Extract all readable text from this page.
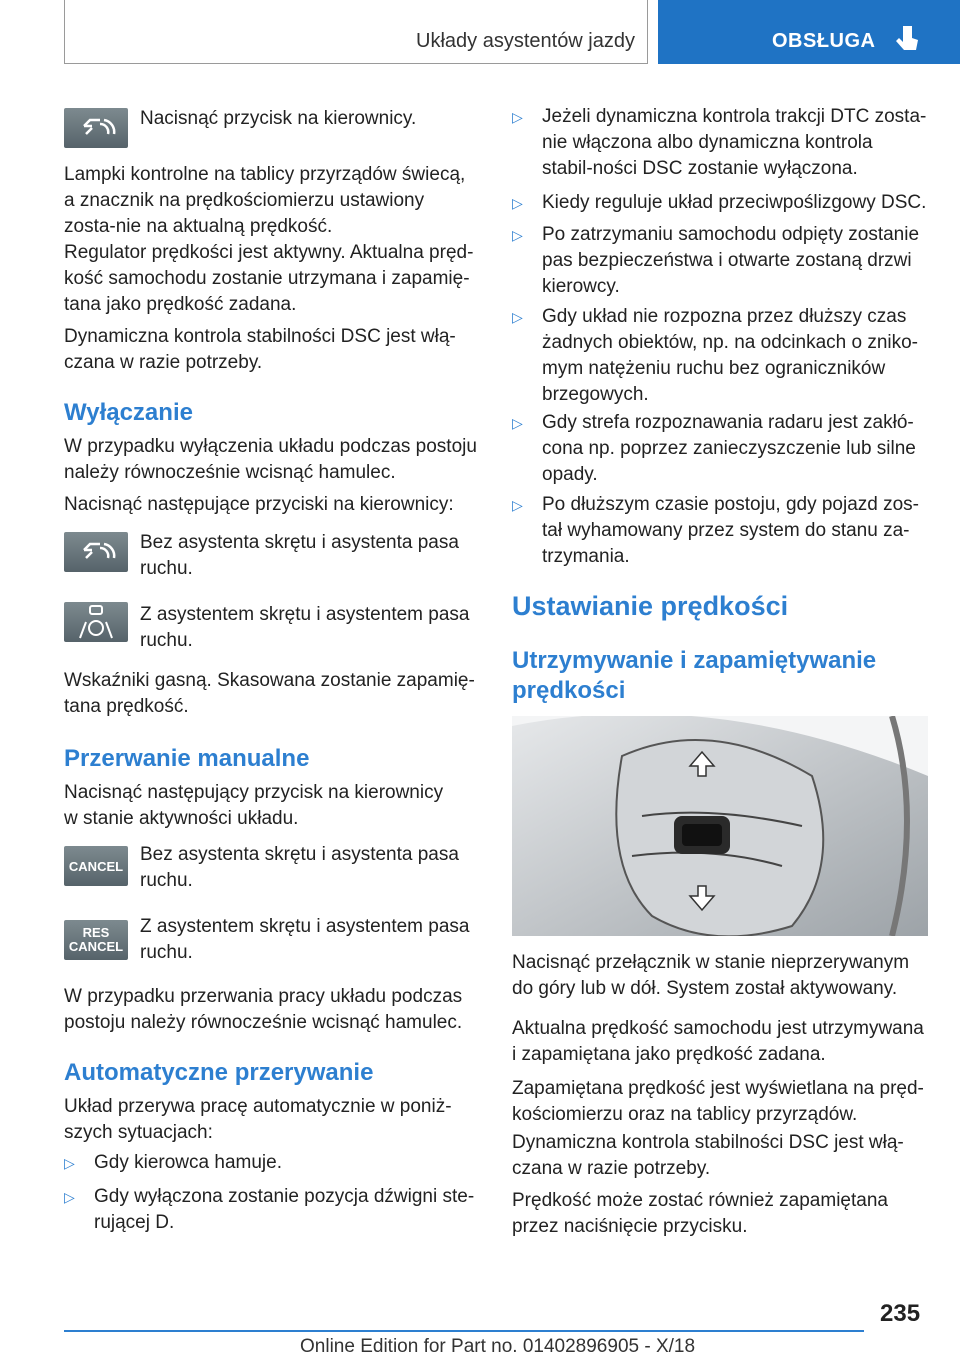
Układy asystentów jazdy	OBSŁUGA

Nacisnąć przycisk na kierownicy.

Lampki kontrolne na tablicy przyrządów świecą, a znacznik na prędkościomierzu ustawiony zosta‐nie na aktualną prędkość.

Regulator prędkości jest aktywny. Aktualna pręd‐kość samochodu zostanie utrzymana i zapamię‐tana jako prędkość zadana.

Dynamiczna kontrola stabilności DSC jest włą‐czana w razie potrzeby.

Wyłączanie

W przypadku wyłączenia układu podczas postoju należy równocześnie wcisnąć hamulec.

Nacisnąć następujące przyciski na kierownicy:

Bez asystenta skrętu i asystenta pasa ruchu.

Z asystentem skrętu i asystentem pasa ruchu.

Wskaźniki gasną. Skasowana zostanie zapamię‐tana prędkość.

Przerwanie manualne

Nacisnąć następujący przycisk na kierownicy w stanie aktywności układu.

CANCEL

Bez asystenta skrętu i asystenta pasa ruchu.

RES
CANCEL

Z asystentem skrętu i asystentem pasa ruchu.

W przypadku przerwania pracy układu podczas postoju należy równocześnie wcisnąć hamulec.

Automatyczne przerywanie

Układ przerywa pracę automatycznie w poniż‐szych sytuacjach:

▷ Gdy kierowca hamuje.
▷ Gdy wyłączona zostanie pozycja dźwigni ste‐rującej D.
▷ Jeżeli dynamiczna kontrola trakcji DTC zosta‐nie włączona albo dynamiczna kontrola stabil‐ności DSC zostanie wyłączona.
▷ Kiedy reguluje układ przeciwpoślizgowy DSC.
▷ Po zatrzymaniu samochodu odpięty zostanie pas bezpieczeństwa i otwarte zostaną drzwi kierowcy.
▷ Gdy układ nie rozpozna przez dłuższy czas żadnych obiektów, np. na odcinkach o zniko‐mym natężeniu ruchu bez ograniczników brzegowych.
▷ Gdy strefa rozpoznawania radaru jest zakłó‐cona np. poprzez zanieczyszczenie lub silne opady.
▷ Po dłuższym czasie postoju, gdy pojazd zos‐tał wyhamowany przez system do stanu za‐trzymania.
Ustawianie prędkości
Utrzymywanie i zapamiętywanie prędkości

Nacisnąć przełącznik w stanie nieprzerywanym do góry lub w dół. System został aktywowany.

Aktualna prędkość samochodu jest utrzymywana i zapamiętana jako prędkość zadana.

Zapamiętana prędkość jest wyświetlana na pręd‐kościomierzu oraz na tablicy przyrządów.

Dynamiczna kontrola stabilności DSC jest włą‐czana w razie potrzeby.

Prędkość może zostać również zapamiętana przez naciśnięcie przycisku.

235
Online Edition for Part no. 01402896905 - X/18
